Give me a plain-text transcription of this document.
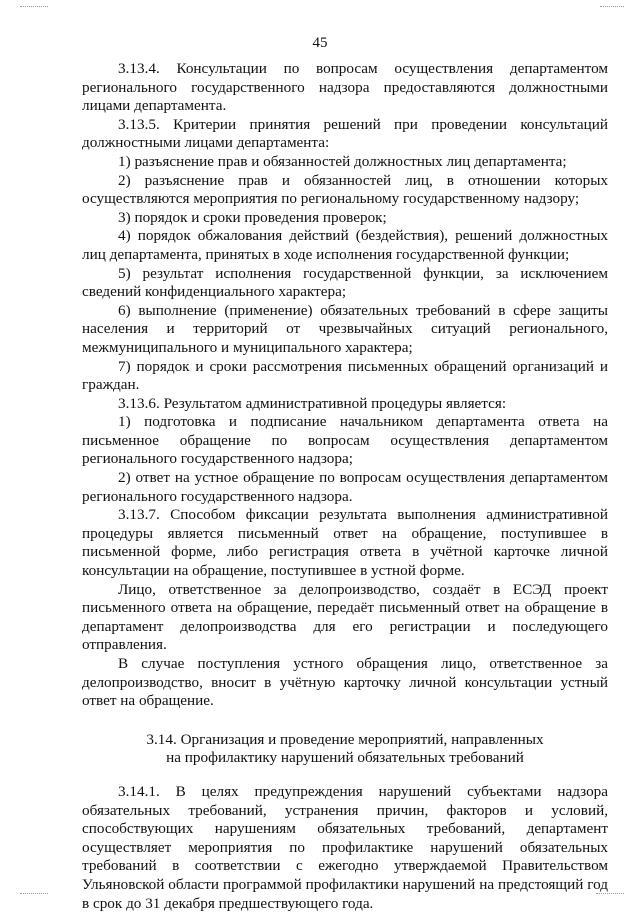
45

3.13.4. Консультации по вопросам осуществления департаментом регионального государственного надзора предоставляются должностными лицами департамента.

3.13.5. Критерии принятия решений при проведении консультаций должностными лицами департамента:

1) разъяснение прав и обязанностей должностных лиц департамента;

2) разъяснение прав и обязанностей лиц, в отношении которых осуществляются мероприятия по региональному государственному надзору;

3) порядок и сроки проведения проверок;

4) порядок обжалования действий (бездействия), решений должностных лиц департамента, принятых в ходе исполнения государственной функции;

5) результат исполнения государственной функции, за исключением сведений конфиденциального характера;

6) выполнение (применение) обязательных требований в сфере защиты населения и территорий от чрезвычайных ситуаций регионального, межмуниципального и муниципального характера;

7) порядок и сроки рассмотрения письменных обращений организаций и граждан.

3.13.6. Результатом административной процедуры является:

1) подготовка и подписание начальником департамента ответа на письменное обращение по вопросам осуществления департаментом регионального государственного надзора;

2) ответ на устное обращение по вопросам осуществления департаментом регионального государственного надзора.

3.13.7. Способом фиксации результата выполнения административной процедуры является письменный ответ на обращение, поступившее в письменной форме, либо регистрация ответа в учётной карточке личной консультации на обращение, поступившее в устной форме.

Лицо, ответственное за делопроизводство, создаёт в ЕСЭД проект письменного ответа на обращение, передаёт письменный ответ на обращение в департамент делопроизводства для его регистрации и последующего отправления.

В случае поступления устного обращения лицо, ответственное за делопроизводство, вносит в учётную карточку личной консультации устный ответ на обращение.

3.14. Организация и проведение мероприятий, направленных
на профилактику нарушений обязательных требований

3.14.1. В целях предупреждения нарушений субъектами надзора обязательных требований, устранения причин, факторов и условий, способствующих нарушениям обязательных требований, департамент осуществляет мероприятия по профилактике нарушений обязательных требований в соответствии с ежегодно утверждаемой Правительством Ульяновской области программой профилактики нарушений на предстоящий год в срок до 31 декабря предшествующего года.
